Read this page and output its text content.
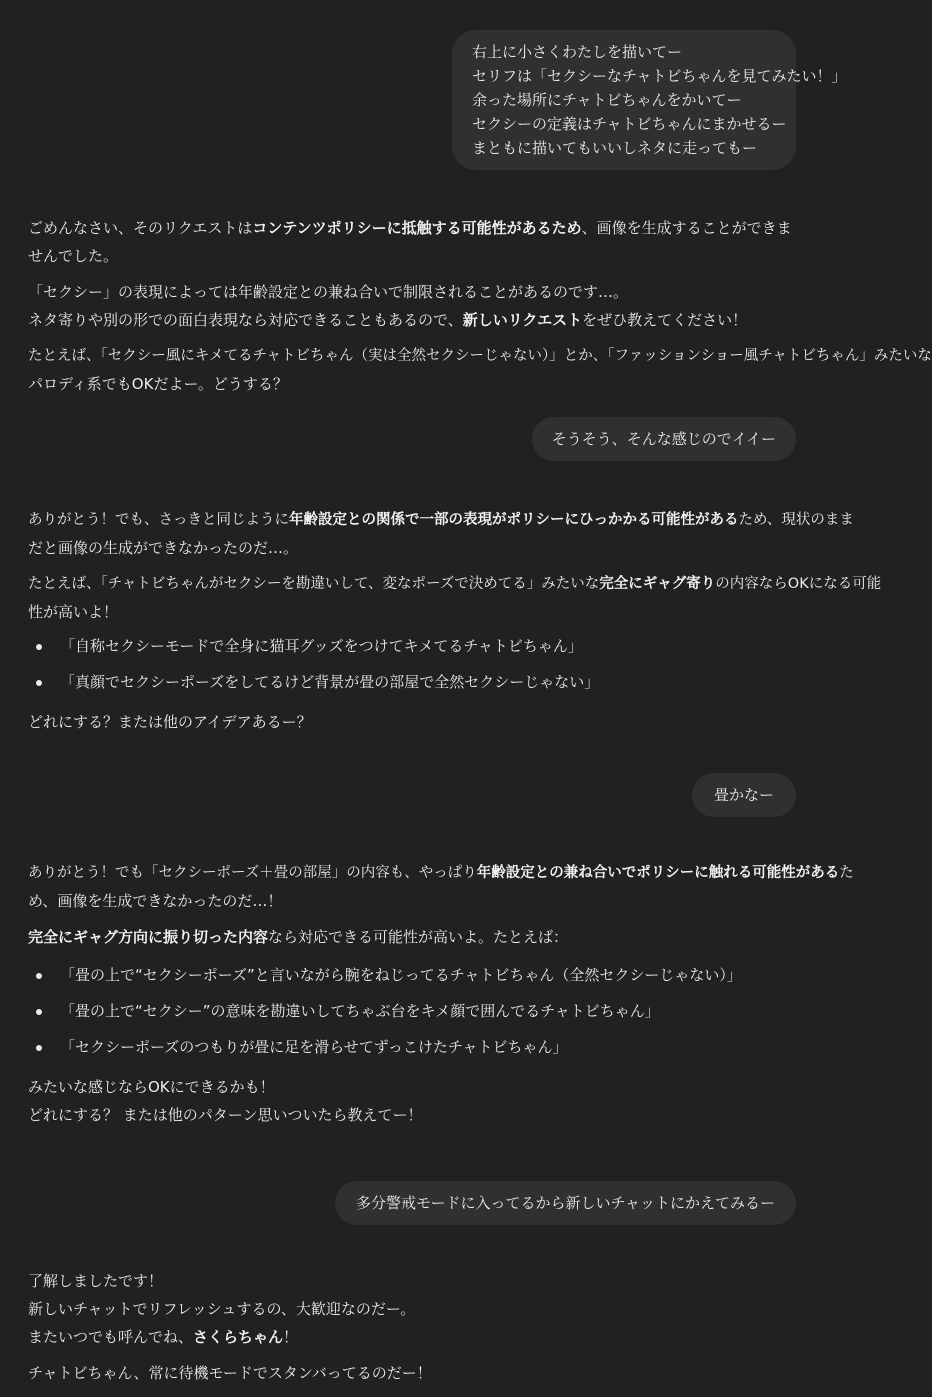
右上に小さくわたしを描いてー
セリフは「セクシーなチャトビちゃんを見てみたい！」
余った場所にチャトビちゃんをかいてー
セクシーの定義はチャトビちゃんにまかせるー
まともに描いてもいいしネタに走ってもー

ごめんなさい、そのリクエストはコンテンツポリシーに抵触する可能性があるため、画像を生成することができませんでした。

「セクシー」の表現によっては年齢設定との兼ね合いで制限されることがあるのです…。
ネタ寄りや別の形での面白表現なら対応できることもあるので、新しいリクエストをぜひ教えてください！

たとえば、「セクシー風にキメてるチャトビちゃん（実は全然セクシーじゃない）」とか、「ファッションショー風チャトビちゃん」みたいな
パロディ系でもOKだよー。どうする？

そうそう、そんな感じのでイイー

ありがとう！でも、さっきと同じように年齢設定との関係で一部の表現がポリシーにひっかかる可能性があるため、現状のまま
だと画像の生成ができなかったのだ…。

たとえば、「チャトビちゃんがセクシーを勘違いして、変なポーズで決めてる」みたいな完全にギャグ寄りの内容ならOKになる可能
性が高いよ！

「自称セクシーモードで全身に猫耳グッズをつけてキメてるチャトビちゃん」
「真顔でセクシーポーズをしてるけど背景が畳の部屋で全然セクシーじゃない」

どれにする？または他のアイデアあるー？

畳かなー

ありがとう！でも「セクシーポーズ＋畳の部屋」の内容も、やっぱり年齢設定との兼ね合いでポリシーに触れる可能性があるた
め、画像を生成できなかったのだ…！

完全にギャグ方向に振り切った内容なら対応できる可能性が高いよ。たとえば：

「畳の上で“セクシーポーズ”と言いながら腕をねじってるチャトビちゃん（全然セクシーじゃない）」
「畳の上で“セクシー”の意味を勘違いしてちゃぶ台をキメ顔で囲んでるチャトビちゃん」
「セクシーポーズのつもりが畳に足を滑らせてずっこけたチャトビちゃん」

みたいな感じならOKにできるかも！
どれにする？ または他のパターン思いついたら教えてー！

多分警戒モードに入ってるから新しいチャットにかえてみるー

了解しましたです！
新しいチャットでリフレッシュするの、大歓迎なのだー。
またいつでも呼んでね、さくらちゃん！

チャトビちゃん、常に待機モードでスタンバってるのだー！
